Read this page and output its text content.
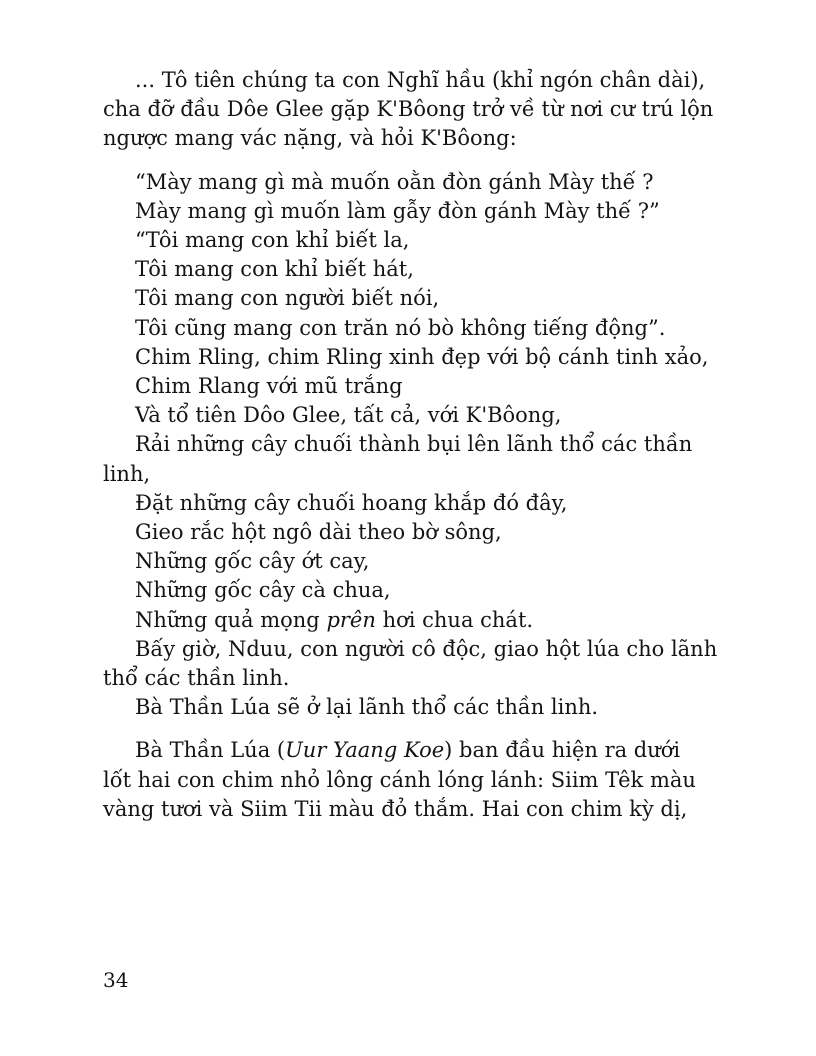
... Tô tiên chúng ta con Nghĩ hầu (khỉ ngón chân dài),

cha đỡ đầu Dôe Glee gặp K'Bôong trở về từ nơi cư trú lộn

ngược mang vác nặng, và hỏi K'Bôong:

“Mày mang gì mà muốn oằn đòn gánh Mày thế ?

Mày mang gì muốn làm gẫy đòn gánh Mày thế ?”

“Tôi mang con khỉ biết la,

Tôi mang con khỉ biết hát,

Tôi mang con người biết nói,

Tôi cũng mang con trăn nó bò không tiếng động”.

Chim Rling, chim Rling xinh đẹp với bộ cánh tinh xảo,

Chim Rlang với mũ trắng

Và tổ tiên Dôo Glee, tất cả, với K'Bôong,

Rải những cây chuối thành bụi lên lãnh thổ các thần

linh,

Đặt những cây chuối hoang khắp đó đây,

Gieo rắc hột ngô dài theo bờ sông,

Những gốc cây ớt cay,

Những gốc cây cà chua,

Những quả mọng prên hơi chua chát.

Bấy giờ, Nduu, con người cô độc, giao hột lúa cho lãnh

thổ các thần linh.

Bà Thần Lúa sẽ ở lại lãnh thổ các thần linh.

Bà Thần Lúa (Uur Yaang Koe) ban đầu hiện ra dưới

lốt hai con chim nhỏ lông cánh lóng lánh: Siim Têk màu

vàng tươi và Siim Tii màu đỏ thắm. Hai con chim kỳ dị,

34
